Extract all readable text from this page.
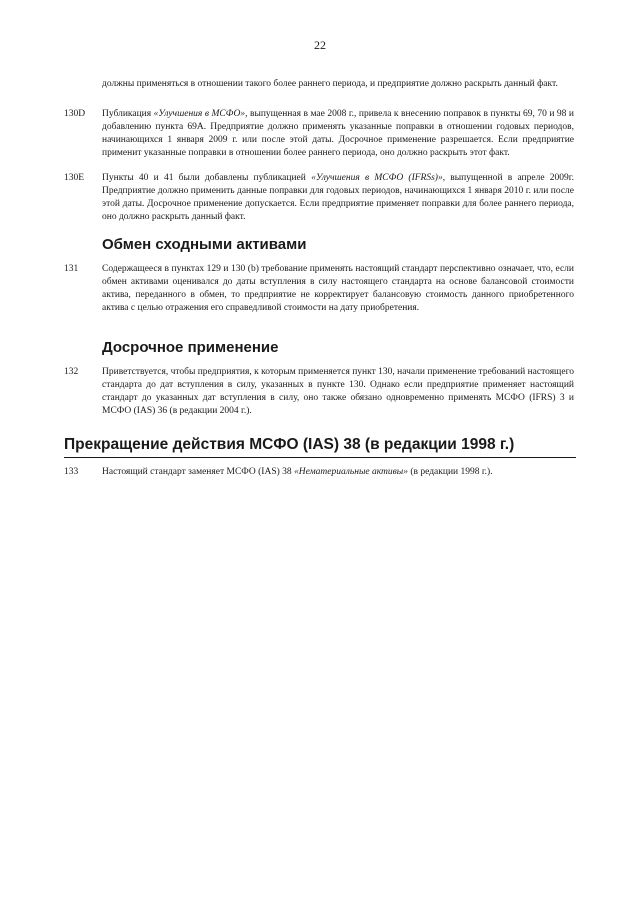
22
должны применяться в отношении такого более раннего периода, и предприятие должно раскрыть данный факт.
130D	Публикация «Улучшения в МСФО», выпущенная в мае 2008 г., привела к внесению поправок в пункты 69, 70 и 98 и добавлению пункта 69А. Предприятие должно применять указанные поправки в отношении годовых периодов, начинающихся 1 января 2009 г. или после этой даты. Досрочное применение разрешается. Если предприятие применит указанные поправки в отношении более раннего периода, оно должно раскрыть этот факт.
130E	Пункты 40 и 41 были добавлены публикацией «Улучшения в МСФО (IFRSs)», выпущенной в апреле 2009г. Предприятие должно применить данные поправки для годовых периодов, начинающихся 1 января 2010 г. или после этой даты. Досрочное применение допускается. Если предприятие применяет поправки для более раннего периода, оно должно раскрыть данный факт.
Обмен сходными активами
131	Содержащееся в пунктах 129 и 130 (b) требование применять настоящий стандарт перспективно означает, что, если обмен активами оценивался до даты вступления в силу настоящего стандарта на основе балансовой стоимости актива, переданного в обмен, то предприятие не корректирует балансовую стоимость данного приобретенного актива с целью отражения его справедливой стоимости на дату приобретения.
Досрочное применение
132	Приветствуется, чтобы предприятия, к которым применяется пункт 130, начали применение требований настоящего стандарта до дат вступления в силу, указанных в пункте 130. Однако если предприятие применяет настоящий стандарт до указанных дат вступления в силу, оно также обязано одновременно применять МСФО (IFRS) 3 и МСФО (IAS) 36 (в редакции 2004 г.).
Прекращение действия МСФО (IAS) 38 (в редакции 1998 г.)
133	Настоящий стандарт заменяет МСФО (IAS) 38 «Нематериальные активы» (в редакции 1998 г.).
